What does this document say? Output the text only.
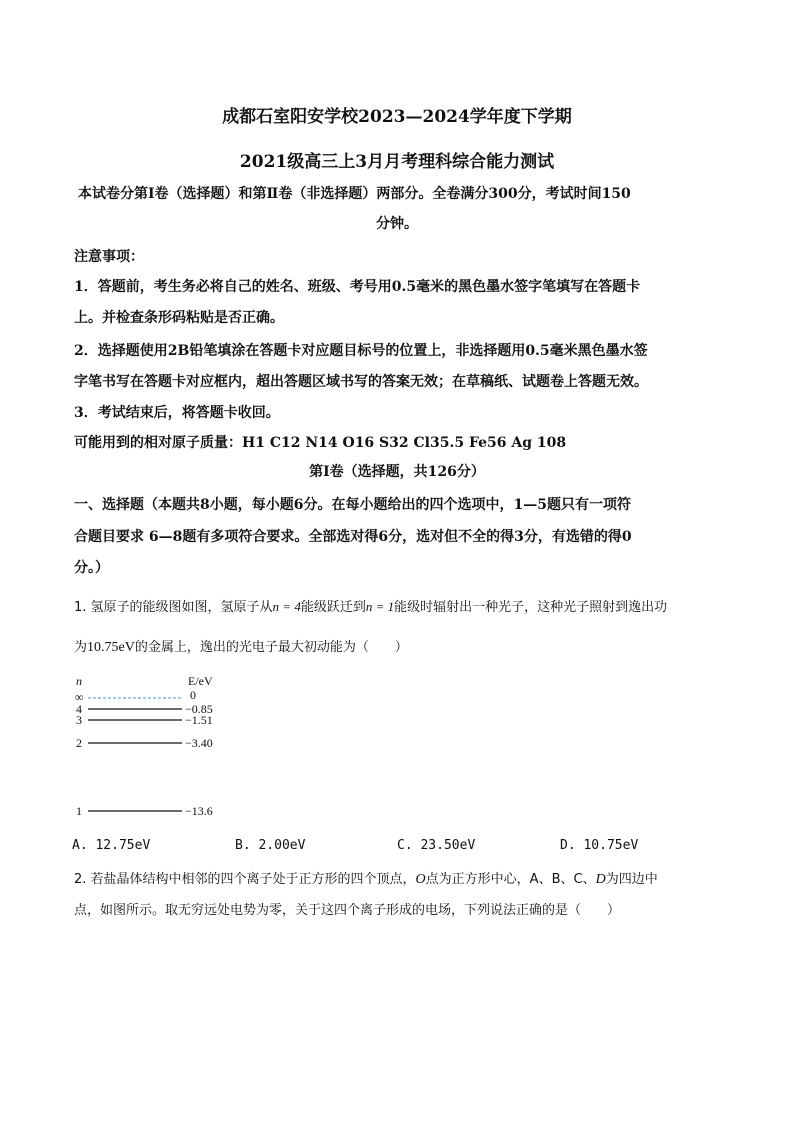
成都石室阳安学校2023—2024学年度下学期
2021级高三上3月月考理科综合能力测试
本试卷分第Ⅰ卷（选择题）和第Ⅱ卷（非选择题）两部分。全卷满分300分，考试时间150
分钟。
注意事项：
1．答题前，考生务必将自己的姓名、班级、考号用0.5毫米的黑色墨水签字笔填写在答题卡
上。并检查条形码粘贴是否正确。
2．选择题使用2B铅笔填涂在答题卡对应题目标号的位置上，非选择题用0.5毫米黑色墨水签
字笔书写在答题卡对应框内，超出答题区域书写的答案无效；在草稿纸、试题卷上答题无效。
3．考试结束后，将答题卡收回。
可能用到的相对原子质量：H1 C12 N14 O16 S32 Cl35.5 Fe56 Ag 108
第Ⅰ卷（选择题，共126分）
一、选择题（本题共8小题，每小题6分。在每小题给出的四个选项中，1—5题只有一项符
合题目要求 6—8题有多项符合要求。全部选对得6分，选对但不全的得3分，有选错的得0
分。）
1. 氢原子的能级图如图，氢原子从n = 4能级跃迁到n = 1能级时辐射出一种光子，这种光子照射到逸出功
为10.75eV的金属上，逸出的光电子最大初动能为（　　）
n	E/eV
∞	0
4	−0.85
3	−1.51
2	−3.40
1	−13.6
A. 12.75eV	B. 2.00eV	C. 23.50eV	D. 10.75eV
2. 若盐晶体结构中相邻的四个离子处于正方形的四个顶点，O点为正方形中心，A、B、C、D为四边中
点，如图所示。取无穷远处电势为零，关于这四个离子形成的电场，下列说法正确的是（　　）
